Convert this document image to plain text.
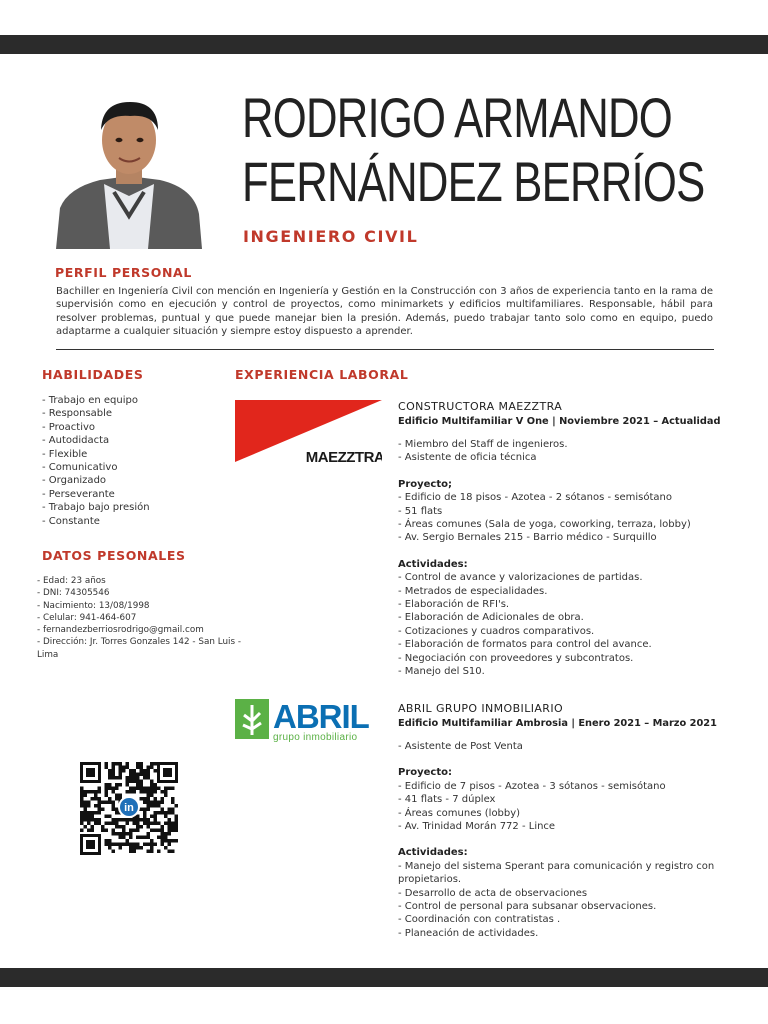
RODRIGO ARMANDO
FERNÁNDEZ BERRÍOS
INGENIERO CIVIL
PERFIL PERSONAL
Bachiller en Ingeniería Civil con mención en Ingeniería y Gestión en la Construcción con 3 años de experiencia tanto en la rama de supervisión como en ejecución y control de proyectos, como minimarkets y edificios multifamiliares. Responsable, hábil para resolver problemas, puntual y que puede manejar bien la presión. Además, puedo trabajar tanto solo como en equipo, puedo adaptarme a cualquier situación y siempre estoy dispuesto a aprender.
HABILIDADES
- Trabajo en equipo
- Responsable
- Proactivo
- Autodidacta
- Flexible
- Comunicativo
- Organizado
- Perseverante
- Trabajo bajo presión
- Constante
DATOS PESONALES
- Edad: 23 años
- DNI: 74305546
- Nacimiento: 13/08/1998
- Celular: 941-464-607
- fernandezberriosrodrigo@gmail.com
- Dirección: Jr. Torres Gonzales 142 - San Luis - Lima
EXPERIENCIA LABORAL
MAEZZTRA
CONSTRUCTORA MAEZZTRA
Edificio Multifamiliar V One | Noviembre 2021 – Actualidad
- Miembro del Staff de ingenieros.
- Asistente de oficia técnica
Proyecto;
- Edificio de 18 pisos - Azotea - 2 sótanos - semisótano
- 51 flats
- Áreas comunes (Sala de yoga, coworking, terraza, lobby)
- Av. Sergio Bernales 215 - Barrio médico - Surquillo
Actividades:
- Control de avance y valorizaciones de partidas.
- Metrados de especialidades.
- Elaboración de RFI's.
- Elaboración de Adicionales de obra.
- Cotizaciones y cuadros comparativos.
- Elaboración de formatos para control del avance.
- Negociación con proveedores y subcontratos.
- Manejo del S10.
ABRIL
grupo inmobiliario
ABRIL GRUPO INMOBILIARIO
Edificio Multifamiliar Ambrosia | Enero 2021 – Marzo 2021
- Asistente de Post Venta
Proyecto:
- Edificio de 7 pisos - Azotea - 3 sótanos - semisótano
- 41 flats - 7 dúplex
- Áreas comunes (lobby)
- Av. Trinidad Morán 772 - Lince
Actividades:
- Manejo del sistema Sperant para comunicación y registro con propietarios.
- Desarrollo de acta de observaciones
- Control de personal para subsanar observaciones.
- Coordinación con contratistas .
- Planeación de actividades.
in
